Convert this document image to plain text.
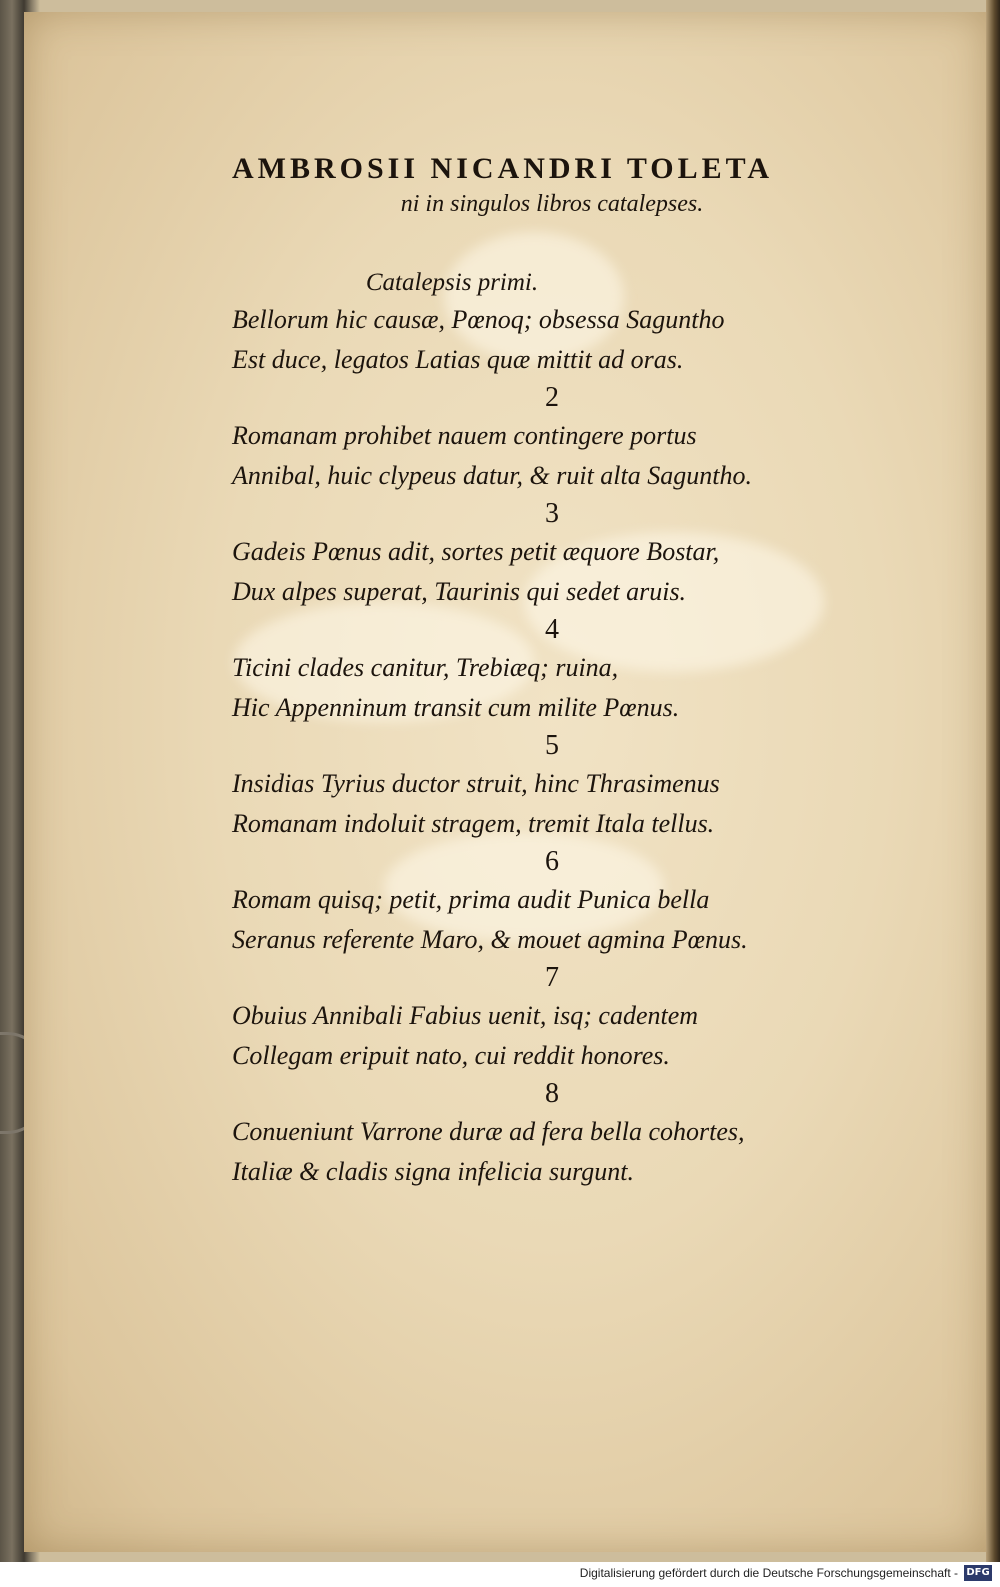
AMBROSII NICANDRI TOLETA
ni in singulos libros catalepses.
Catalepsis primi.
Bellorum hic causæ, Pœnoq; obsessa Saguntho
Est duce, legatos Latias quæ mittit ad oras.
2
Romanam prohibet nauem contingere portus
Annibal, huic clypeus datur, & ruit alta Saguntho.
3
Gadeis Pœnus adit, sortes petit æquore Bostar,
Dux alpes superat, Taurinis qui sedet aruis.
4
Ticini clades canitur, Trebiæq; ruina,
Hic Appenninum transit cum milite Pœnus.
5
Insidias Tyrius ductor struit, hinc Thrasimenus
Romanam indoluit stragem, tremit Itala tellus.
6
Romam quisq; petit, prima audit Punica bella
Seranus referente Maro, & mouet agmina Pœnus.
7
Obuius Annibali Fabius uenit, isq; cadentem
Collegam eripuit nato, cui reddit honores.
8
Conueniunt Varrone duræ ad fera bella cohortes,
Italiæ & cladis signa infelicia surgunt.
Digitalisierung gefördert durch die Deutsche Forschungsgemeinschaft - DFG
